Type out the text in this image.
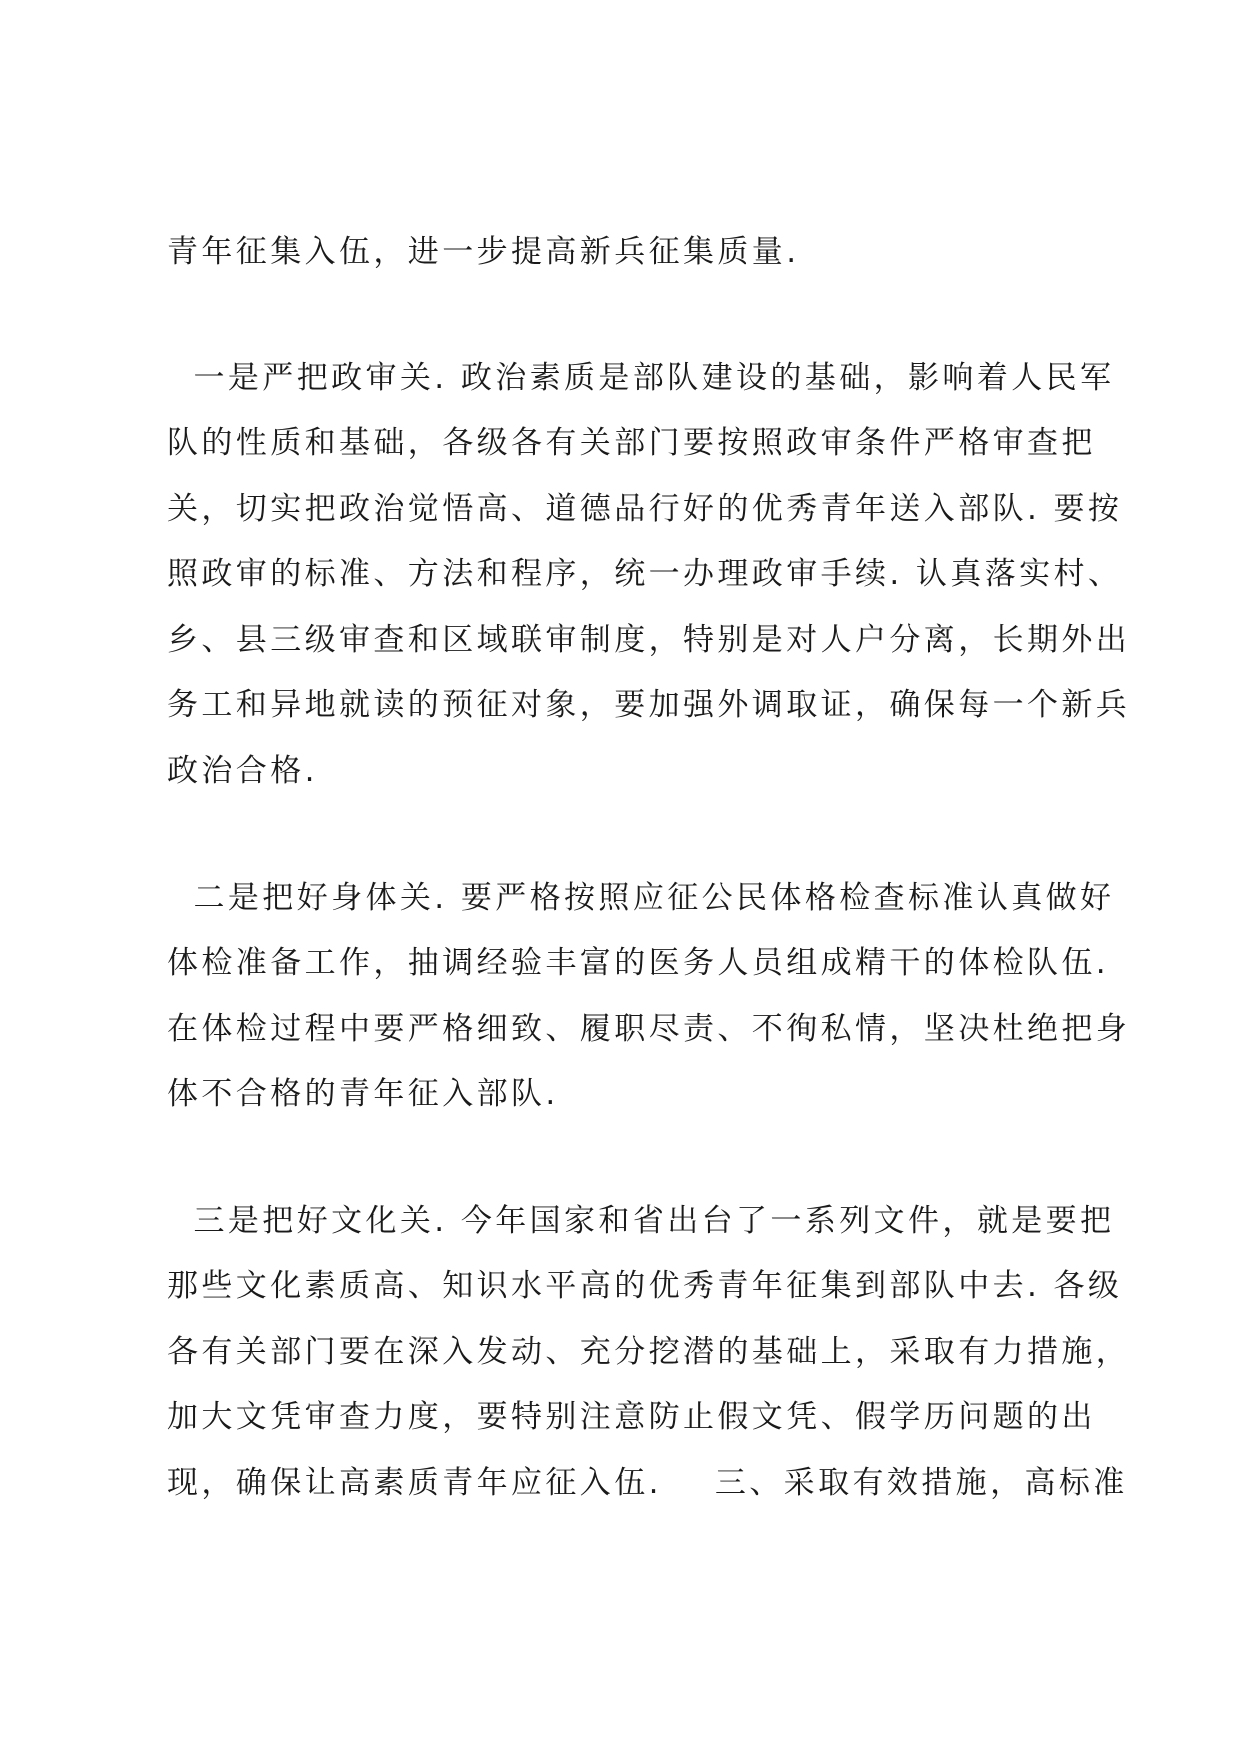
青年征集入伍，进一步提高新兵征集质量.
一是严把政审关. 政治素质是部队建设的基础，影响着人民军
队的性质和基础，各级各有关部门要按照政审条件严格审查把
关，切实把政治觉悟高、道德品行好的优秀青年送入部队. 要按
照政审的标准、方法和程序，统一办理政审手续. 认真落实村、
乡、县三级审查和区域联审制度，特别是对人户分离，长期外出
务工和异地就读的预征对象，要加强外调取证，确保每一个新兵
政治合格.
二是把好身体关. 要严格按照应征公民体格检查标准认真做好
体检准备工作，抽调经验丰富的医务人员组成精干的体检队伍.
在体检过程中要严格细致、履职尽责、不徇私情，坚决杜绝把身
体不合格的青年征入部队.
三是把好文化关. 今年国家和省出台了一系列文件，就是要把
那些文化素质高、知识水平高的优秀青年征集到部队中去. 各级
各有关部门要在深入发动、充分挖潜的基础上，采取有力措施，
加大文凭审查力度，要特别注意防止假文凭、假学历问题的出
现，确保让高素质青年应征入伍.    三、采取有效措施，高标准
